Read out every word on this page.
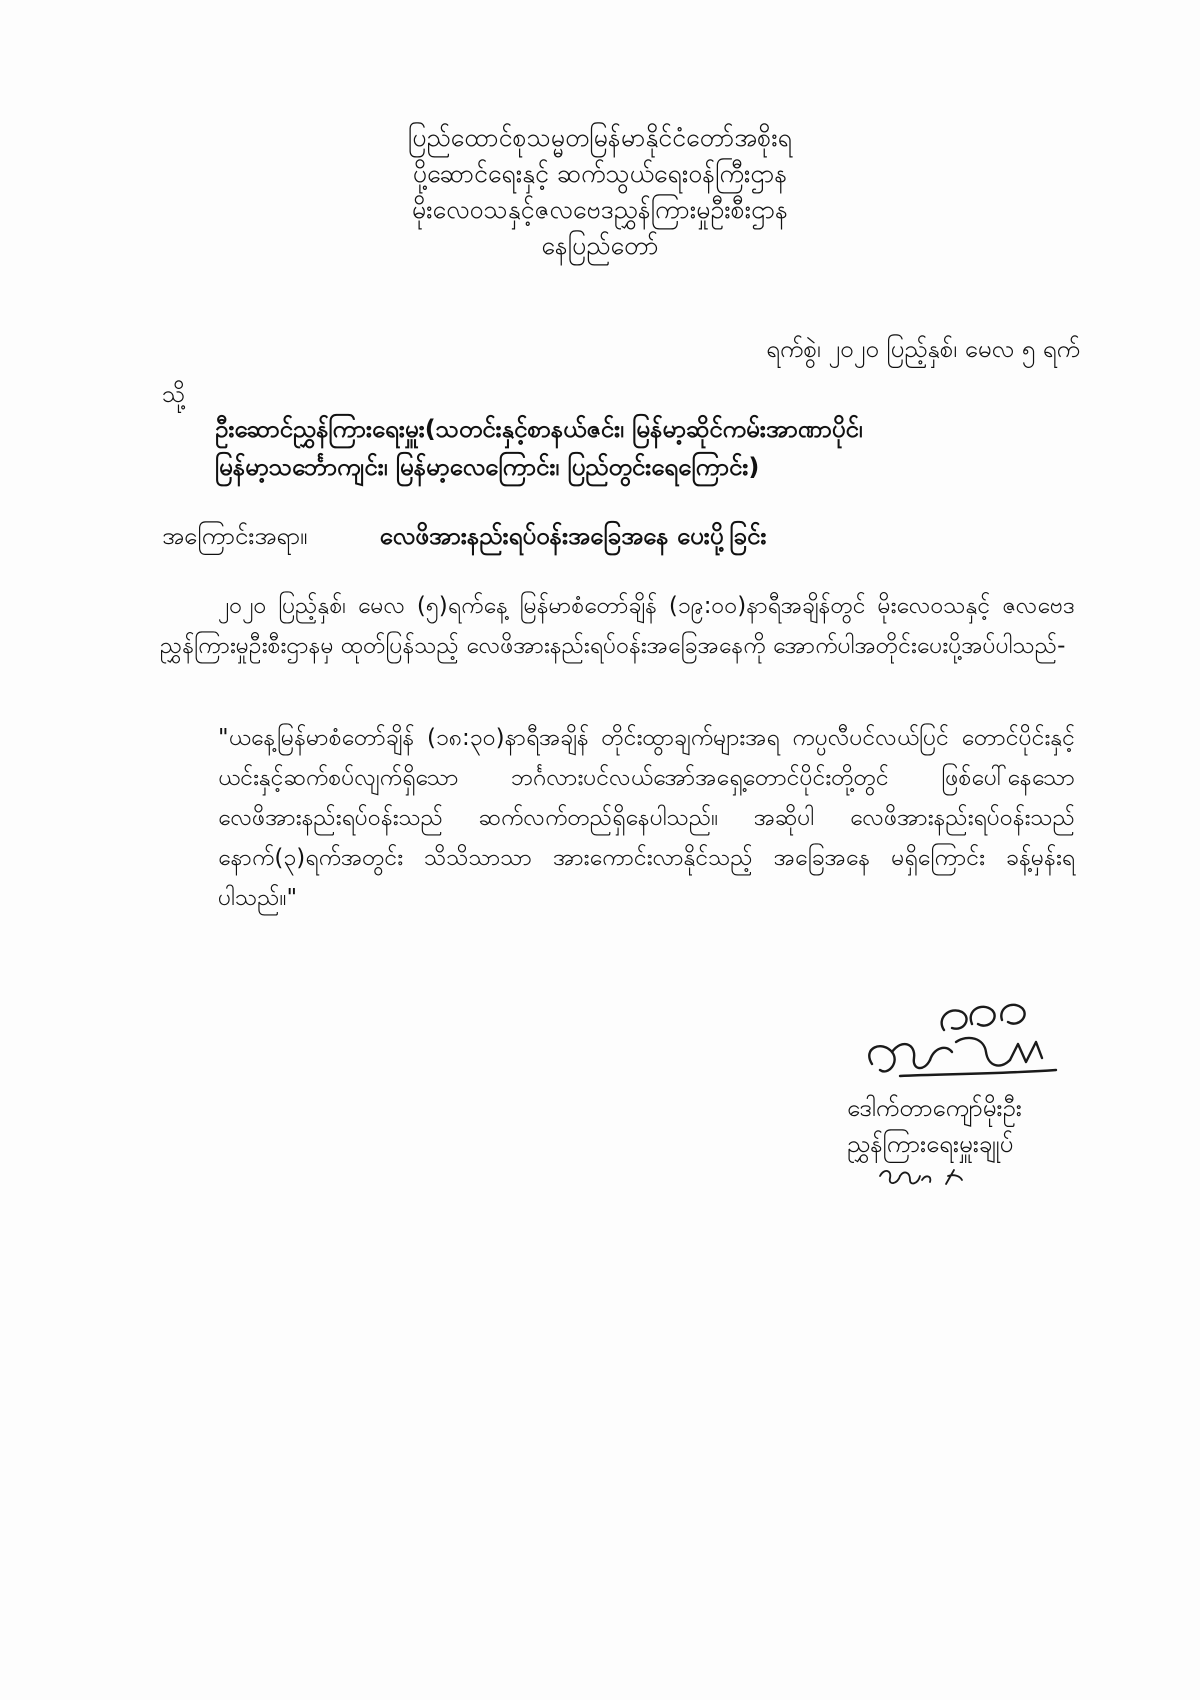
ပြည်ထောင်စုသမ္မတမြန်မာနိုင်ငံတော်အစိုးရ
ပို့ဆောင်ရေးနှင့် ဆက်သွယ်ရေးဝန်ကြီးဌာန
မိုးလေဝသနှင့်ဇလဗေဒညွှန်ကြားမှုဦးစီးဌာန
နေပြည်တော်
ရက်စွဲ၊ ၂၀၂၀ ပြည့်နှစ်၊ မေလ ၅ ရက်
သို့
ဦးဆောင်ညွှန်ကြားရေးမှူး(သတင်းနှင့်စာနယ်ဇင်း၊ မြန်မာ့ဆိုင်ကမ်းအာဏာပိုင်၊
မြန်မာ့သင်္ဘောကျင်း၊ မြန်မာ့လေကြောင်း၊ ပြည်တွင်းရေကြောင်း)
အကြောင်းအရာ။	လေဖိအားနည်းရပ်ဝန်းအခြေအနေ ပေးပို့ခြင်း
၂၀၂၀ ပြည့်နှစ်၊ မေလ (၅)ရက်နေ့ မြန်မာစံတော်ချိန် (၁၉:၀၀)နာရီအချိန်တွင် မိုးလေဝသနှင့် ဇလဗေဒညွှန်ကြားမှုဦးစီးဌာနမှ ထုတ်ပြန်သည့် လေဖိအားနည်းရပ်ဝန်းအခြေအနေကို အောက်ပါအတိုင်းပေးပို့အပ်ပါသည်-
"ယနေ့မြန်မာစံတော်ချိန် (၁၈:၃၀)နာရီအချိန် တိုင်းထွာချက်များအရ ကပ္ပလီပင်လယ်ပြင် တောင်ပိုင်းနှင့် ယင်းနှင့်ဆက်စပ်လျက်ရှိသော ဘင်္ဂလားပင်လယ်အော်အရှေ့တောင်ပိုင်းတို့တွင် ဖြစ်ပေါ်နေသော လေဖိအားနည်းရပ်ဝန်းသည် ဆက်လက်တည်ရှိနေပါသည်။ အဆိုပါ လေဖိအားနည်းရပ်ဝန်းသည် နောက်(၃)ရက်အတွင်း သိသိသာသာ အားကောင်းလာနိုင်သည့် အခြေအနေ မရှိကြောင်း ခန့်မှန်းရပါသည်။"
ဒေါက်တာကျော်မိုးဦး
ညွှန်ကြားရေးမှူးချုပ်
